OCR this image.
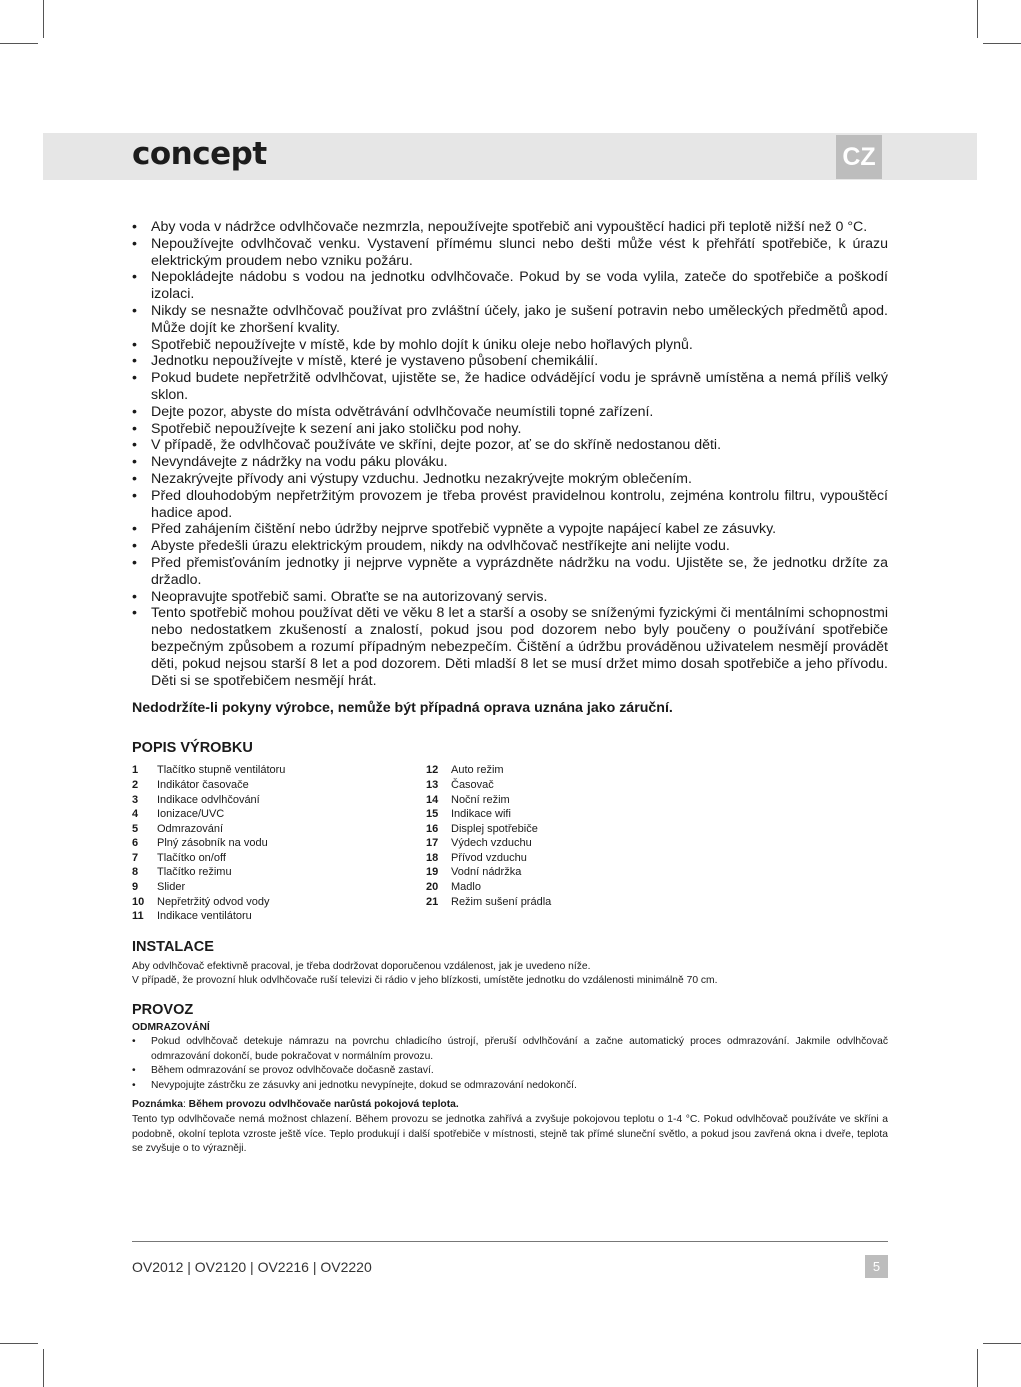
concept	CZ
• Aby voda v nádržce odvlhčovače nezmrzla, nepoužívejte spotřebič ani vypouštěcí hadici při teplotě nižší než 0 °C.
• Nepoužívejte odvlhčovač venku. Vystavení přímému slunci nebo dešti může vést k přehřátí spotřebiče, k úrazu elektrickým proudem nebo vzniku požáru.
• Nepokládejte nádobu s vodou na jednotku odvlhčovače. Pokud by se voda vylila, zateče do spotřebiče a poškodí izolaci.
• Nikdy se nesnažte odvlhčovač používat pro zvláštní účely, jako je sušení potravin nebo uměleckých předmětů apod. Může dojít ke zhoršení kvality.
• Spotřebič nepoužívejte v místě, kde by mohlo dojít k úniku oleje nebo hořlavých plynů.
• Jednotku nepoužívejte v místě, které je vystaveno působení chemikálií.
• Pokud budete nepřetržitě odvlhčovat, ujistěte se, že hadice odvádějící vodu je správně umístěna a nemá příliš velký sklon.
• Dejte pozor, abyste do místa odvětrávání odvlhčovače neumístili topné zařízení.
• Spotřebič nepoužívejte k sezení ani jako stoličku pod nohy.
• V případě, že odvlhčovač používáte ve skříni, dejte pozor, ať se do skříně nedostanou děti.
• Nevyndávejte z nádržky na vodu páku plováku.
• Nezakrývejte přívody ani výstupy vzduchu. Jednotku nezakrývejte mokrým oblečením.
• Před dlouhodobým nepřetržitým provozem je třeba provést pravidelnou kontrolu, zejména kontrolu filtru, vypouštěcí hadice apod.
• Před zahájením čištění nebo údržby nejprve spotřebič vypněte a vypojte napájecí kabel ze zásuvky.
• Abyste předešli úrazu elektrickým proudem, nikdy na odvlhčovač nestříkejte ani nelijte vodu.
• Před přemisťováním jednotky ji nejprve vypněte a vyprázdněte nádržku na vodu. Ujistěte se, že jednotku držíte za držadlo.
• Neopravujte spotřebič sami. Obraťte se na autorizovaný servis.
• Tento spotřebič mohou používat děti ve věku 8 let a starší a osoby se sníženými fyzickými či mentálními schopnostmi nebo nedostatkem zkušeností a znalostí, pokud jsou pod dozorem nebo byly poučeny o používání spotřebiče bezpečným způsobem a rozumí případným nebezpečím. Čištění a údržbu prováděnou uživatelem nesmějí provádět děti, pokud nejsou starší 8 let a pod dozorem. Děti mladší 8 let se musí držet mimo dosah spotřebiče a jeho přívodu. Děti si se spotřebičem nesmějí hrát.
Nedodržíte-li pokyny výrobce, nemůže být případná oprava uznána jako záruční.
POPIS VÝROBKU
1	Tlačítko stupně ventilátoru
2	Indikátor časovače
3	Indikace odvlhčování
4	Ionizace/UVC
5	Odmrazování
6	Plný zásobník na vodu
7	Tlačítko on/off
8	Tlačítko režimu
9	Slider
10	Nepřetržitý odvod vody
11	Indikace ventilátoru
12	Auto režim
13	Časovač
14	Noční režim
15	Indikace wifi
16	Displej spotřebiče
17	Výdech vzduchu
18	Přívod vzduchu
19	Vodní nádržka
20	Madlo
21	Režim sušení prádla
INSTALACE

Aby odvlhčovač efektivně pracoval, je třeba dodržovat doporučenou vzdálenost, jak je uvedeno níže.

V případě, že provozní hluk odvlhčovače ruší televizi či rádio v jeho blízkosti, umístěte jednotku do vzdálenosti minimálně 70 cm.

PROVOZ
ODMRAZOVÁNÍ
• Pokud odvlhčovač detekuje námrazu na povrchu chladicího ústrojí, přeruší odvlhčování a začne automatický proces odmrazování. Jakmile odvlhčovač odmrazování dokončí, bude pokračovat v normálním provozu.
• Během odmrazování se provoz odvlhčovače dočasně zastaví.
• Nevypojujte zástrčku ze zásuvky ani jednotku nevypínejte, dokud se odmrazování nedokončí.
Poznámka: Během provozu odvlhčovače narůstá pokojová teplota.
Tento typ odvlhčovače nemá možnost chlazení. Během provozu se jednotka zahřívá a zvyšuje pokojovou teplotu o 1-4 °C. Pokud odvlhčovač používáte ve skříni a podobně, okolní teplota vzroste ještě více. Teplo produkují i další spotřebiče v místnosti, stejně tak přímé sluneční světlo, a pokud jsou zavřená okna i dveře, teplota se zvyšuje o to výrazněji.
OV2012 | OV2120 | OV2216 | OV2220	5
